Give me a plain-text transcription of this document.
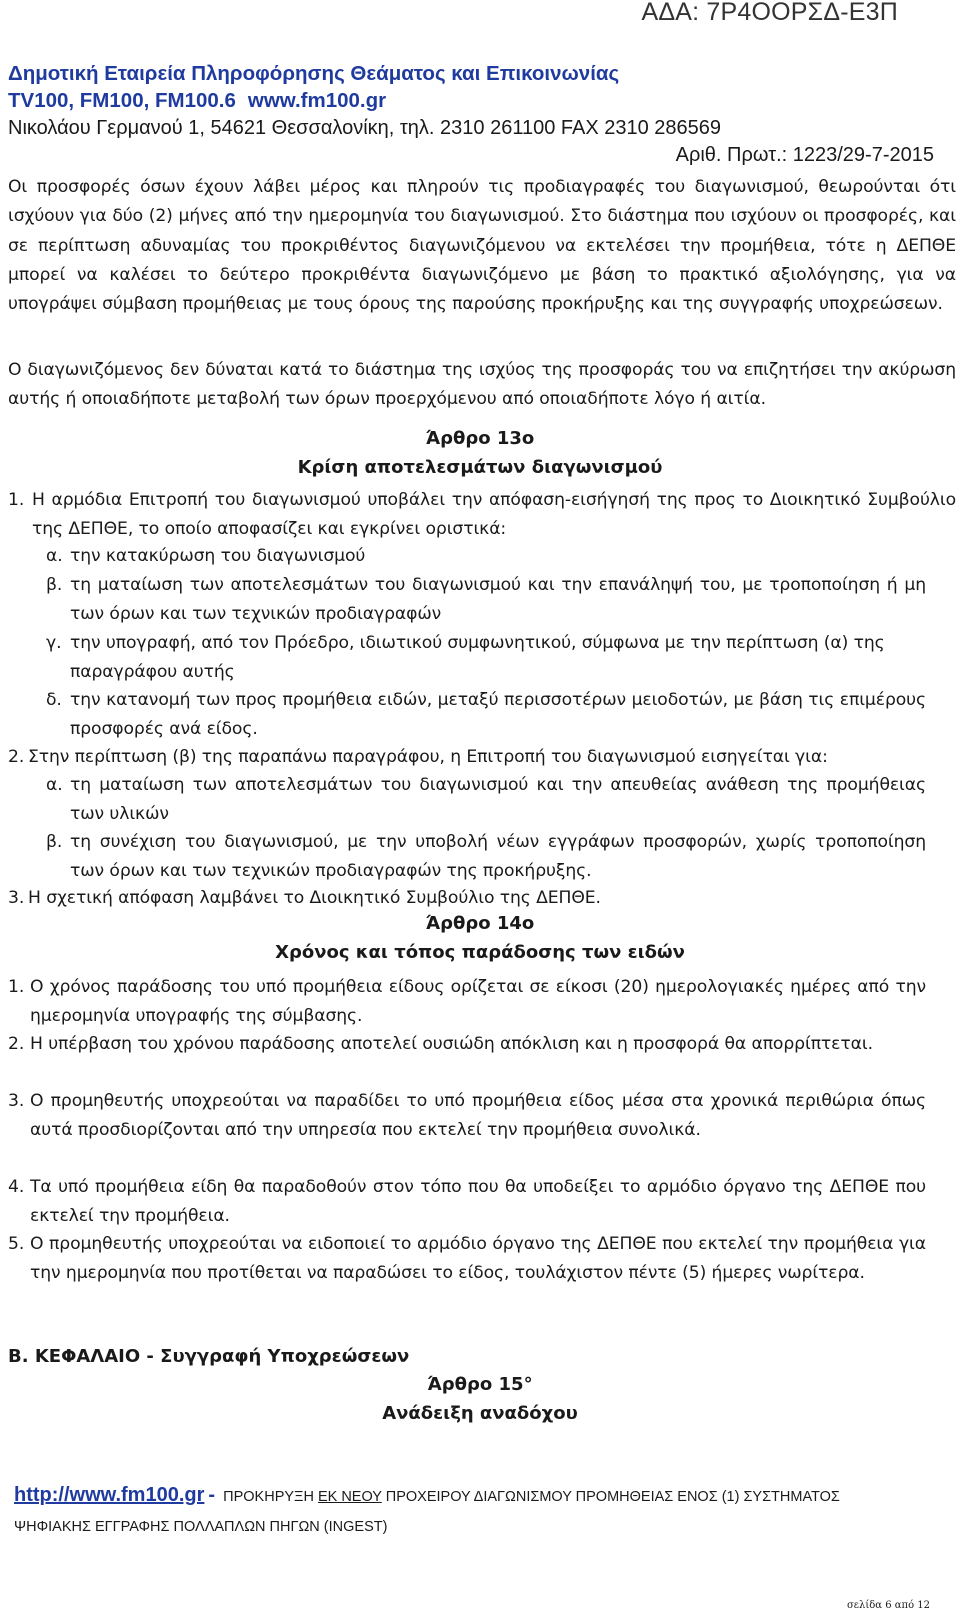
ΑΔΑ: 7Ρ4ΟΟΡΣΔ-Ε3Π
Δημοτική Εταιρεία Πληροφόρησης Θεάματος και Επικοινωνίας
TV100, FM100, FM100.6 www.fm100.gr
Νικολάου Γερμανού 1, 54621 Θεσσαλονίκη, τηλ. 2310 261100 FAX 2310 286569
Αριθ. Πρωτ.: 1223/29-7-2015
Οι προσφορές όσων έχουν λάβει μέρος και πληρούν τις προδιαγραφές του διαγωνισμού, θεωρούνται ότι ισχύουν για δύο (2) μήνες από την ημερομηνία του διαγωνισμού. Στο διάστημα που ισχύουν οι προσφορές, και σε περίπτωση αδυναμίας του προκριθέντος διαγωνιζόμενου να εκτελέσει την προμήθεια, τότε η ΔΕΠΘΕ μπορεί να καλέσει το δεύτερο προκριθέντα διαγωνιζόμενο με βάση το πρακτικό αξιολόγησης, για να υπογράψει σύμβαση προμήθειας με τους όρους της παρούσης προκήρυξης και της συγγραφής υποχρεώσεων.
Ο διαγωνιζόμενος δεν δύναται κατά το διάστημα της ισχύος της προσφοράς του να επιζητήσει την ακύρωση αυτής ή οποιαδήποτε μεταβολή των όρων προερχόμενου από οποιαδήποτε λόγο ή αιτία.
Άρθρο 13ο
Κρίση αποτελεσμάτων διαγωνισμού
1. Η αρμόδια Επιτροπή του διαγωνισμού υποβάλει την απόφαση-εισήγησή της προς το Διοικητικό Συμβούλιο της ΔΕΠΘΕ, το οποίο αποφασίζει και εγκρίνει οριστικά:
α. την κατακύρωση του διαγωνισμού
β. τη ματαίωση των αποτελεσμάτων του διαγωνισμού και την επανάληψή του, με τροποποίηση ή μη των όρων και των τεχνικών προδιαγραφών
γ. την υπογραφή, από τον Πρόεδρο, ιδιωτικού συμφωνητικού, σύμφωνα με την περίπτωση (α) της παραγράφου αυτής
δ. την κατανομή των προς προμήθεια ειδών, μεταξύ περισσοτέρων μειοδοτών, με βάση τις επιμέρους προσφορές ανά είδος.
2. Στην περίπτωση (β) της παραπάνω παραγράφου, η Επιτροπή του διαγωνισμού εισηγείται για:
α. τη ματαίωση των αποτελεσμάτων του διαγωνισμού και την απευθείας ανάθεση της προμήθειας των υλικών
β. τη συνέχιση του διαγωνισμού, με την υποβολή νέων εγγράφων προσφορών, χωρίς τροποποίηση των όρων και των τεχνικών προδιαγραφών της προκήρυξης.
3. Η σχετική απόφαση λαμβάνει το Διοικητικό Συμβούλιο της ΔΕΠΘΕ.
Άρθρο 14ο
Χρόνος και τόπος παράδοσης των ειδών
1. Ο χρόνος παράδοσης του υπό προμήθεια είδους ορίζεται σε είκοσι (20) ημερολογιακές ημέρες από την ημερομηνία υπογραφής της σύμβασης.
2. Η υπέρβαση του χρόνου παράδοσης αποτελεί ουσιώδη απόκλιση και η προσφορά θα απορρίπτεται.
3. Ο προμηθευτής υποχρεούται να παραδίδει το υπό προμήθεια είδος μέσα στα χρονικά περιθώρια όπως αυτά προσδιορίζονται από την υπηρεσία που εκτελεί την προμήθεια συνολικά.
4. Τα υπό προμήθεια είδη θα παραδοθούν στον τόπο που θα υποδείξει το αρμόδιο όργανο της ΔΕΠΘΕ που εκτελεί την προμήθεια.
5. Ο προμηθευτής υποχρεούται να ειδοποιεί το αρμόδιο όργανο της ΔΕΠΘΕ που εκτελεί την προμήθεια για την ημερομηνία που προτίθεται να παραδώσει το είδος, τουλάχιστον πέντε (5) ήμερες νωρίτερα.
Β. ΚΕΦΑΛΑΙΟ - Συγγραφή Υποχρεώσεων
Άρθρο 15°
Ανάδειξη αναδόχου
http://www.fm100.gr - ΠΡΟΚΗΡΥΞΗ ΕΚ ΝΕΟΥ ΠΡΟΧΕΙΡΟΥ ΔΙΑΓΩΝΙΣΜΟΥ ΠΡΟΜΗΘΕΙΑΣ ΕΝΟΣ (1) ΣΥΣΤΗΜΑΤΟΣ
ΨΗΦΙΑΚΗΣ ΕΓΓΡΑΦΗΣ ΠΟΛΛΑΠΛΩΝ ΠΗΓΩΝ (INGEST)
σελίδα 6 από 12
